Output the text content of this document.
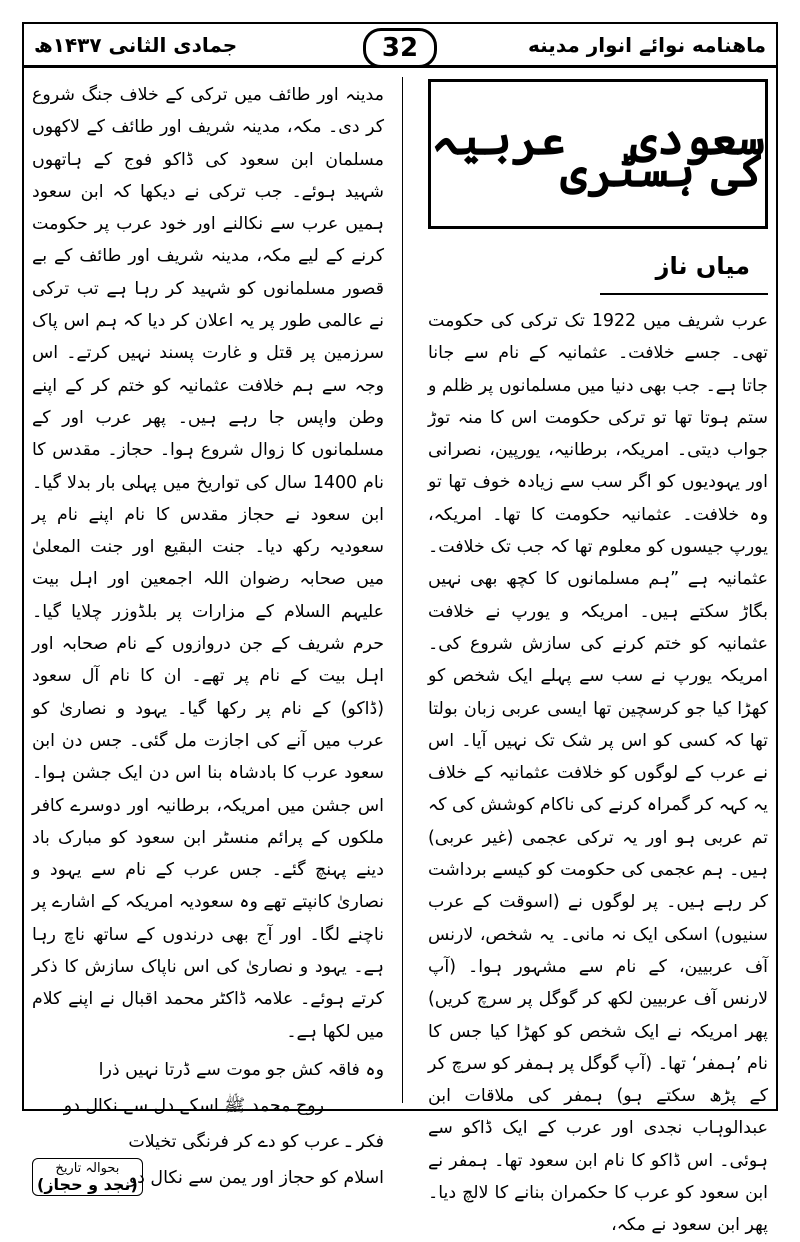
جمادی الثانی ۱۴۳۷ھ	ماهنامه نوائے انوار مدینه
32
سعودی عربیہ کی ہسٹری
میاں ناز

عرب شریف میں 1922 تک ترکی کی حکومت تھی۔ جسے خلافت۔ عثمانیہ کے نام سے جانا جاتا ہے۔ جب بھی دنیا میں مسلمانوں پر ظلم و ستم ہوتا تھا تو ترکی حکومت اس کا منہ توڑ جواب دیتی۔ امریکہ، برطانیہ، یورپین، نصرانی اور یہودیوں کو اگر سب سے زیادہ خوف تھا تو وہ خلافت۔ عثمانیہ حکومت کا تھا۔ امریکہ، یورپ جیسوں کو معلوم تھا کہ جب تک خلافت۔ عثمانیہ ہے ”ہم مسلمانوں کا کچھ بھی نہیں بگاڑ سکتے ہیں۔ امریکہ و یورپ نے خلافت عثمانیہ کو ختم کرنے کی سازش شروع کی۔ امریکہ یورپ نے سب سے پہلے ایک شخص کو کھڑا کیا جو کرسچین تھا ایسی عربی زبان بولتا تھا کہ کسی کو اس پر شک تک نہیں آیا۔ اس نے عرب کے لوگوں کو خلافت عثمانیہ کے خلاف یہ کہہ کر گمراہ کرنے کی ناکام کوشش کی کہ تم عربی ہو اور یہ ترکی عجمی (غیر عربی) ہیں۔ ہم عجمی کی حکومت کو کیسے برداشت کر رہے ہیں۔ پر لوگوں نے (اسوقت کے عرب سنیوں) اسکی ایک نہ مانی۔ یہ شخص، لارنس آف عربیین، کے نام سے مشہور ہوا۔ (آپ لارنس آف عربیین لکھ کر گوگل پر سرچ کریں) پھر امریکہ نے ایک شخص کو کھڑا کیا جس کا نام ’ہمفر‘ تھا۔ (آپ گوگل پر ہمفر کو سرچ کر کے پڑھ سکتے ہو) ہمفر کی ملاقات ابن عبدالوہاب نجدی اور عرب کے ایک ڈاکو سے ہوئی۔ اس ڈاکو کا نام ابن سعود تھا۔ ہمفر نے ابن سعود کو عرب کا حکمران بنانے کا لالچ دیا۔ پھر ابن سعود نے مکہ،

مدینہ اور طائف میں ترکی کے خلاف جنگ شروع کر دی۔ مکہ، مدینہ شریف اور طائف کے لاکھوں مسلمان ابن سعود کی ڈاکو فوج کے ہاتھوں شہید ہوئے۔ جب ترکی نے دیکھا کہ ابن سعود ہمیں عرب سے نکالنے اور خود عرب پر حکومت کرنے کے لیے مکہ، مدینہ شریف اور طائف کے بے قصور مسلمانوں کو شہید کر رہا ہے تب ترکی نے عالمی طور پر یہ اعلان کر دیا کہ ہم اس پاک سرزمین پر قتل و غارت پسند نہیں کرتے۔ اس وجہ سے ہم خلافت عثمانیہ کو ختم کر کے اپنے وطن واپس جا رہے ہیں۔ پھر عرب اور کے مسلمانوں کا زوال شروع ہوا۔ حجاز۔ مقدس کا نام 1400 سال کی تواریخ میں پہلی بار بدلا گیا۔ ابن سعود نے حجاز مقدس کا نام اپنے نام پر سعودیہ رکھ دیا۔ جنت البقیع اور جنت المعلیٰ میں صحابہ رضوان اللہ اجمعین اور اہل بیت علیہم السلام کے مزارات پر بلڈوزر چلایا گیا۔ حرم شریف کے جن دروازوں کے نام صحابہ اور اہل بیت کے نام پر تھے۔ ان کا نام آل سعود (ڈاکو) کے نام پر رکھا گیا۔ یہود و نصاریٰ کو عرب میں آنے کی اجازت مل گئی۔ جس دن ابن سعود عرب کا بادشاہ بنا اس دن ایک جشن ہوا۔ اس جشن میں امریکہ، برطانیہ اور دوسرے کافر ملکوں کے پرائم منسٹر ابن سعود کو مبارک باد دینے پہنچ گئے۔ جس عرب کے نام سے یہود و نصاریٰ کانپتے تھے وہ سعودیہ امریکہ کے اشارے پر ناچنے لگا۔ اور آج بھی درندوں کے ساتھ ناچ رہا ہے۔ یہود و نصاریٰ کی اس ناپاک سازش کا ذکر کرتے ہوئے۔ علامہ ڈاکٹر محمد اقبال نے اپنے کلام میں لکھا ہے۔

وہ فاقہ کش جو موت سے ڈرتا نہیں ذرا
روح محمد ﷺ اسکے دل سے نکال دو
فکر ـ عرب کو دے کر فرنگی تخیلات
اسلام کو حجاز اور یمن سے نکال دو
بحوالہ تاریخ
(نجد و حجاز)
